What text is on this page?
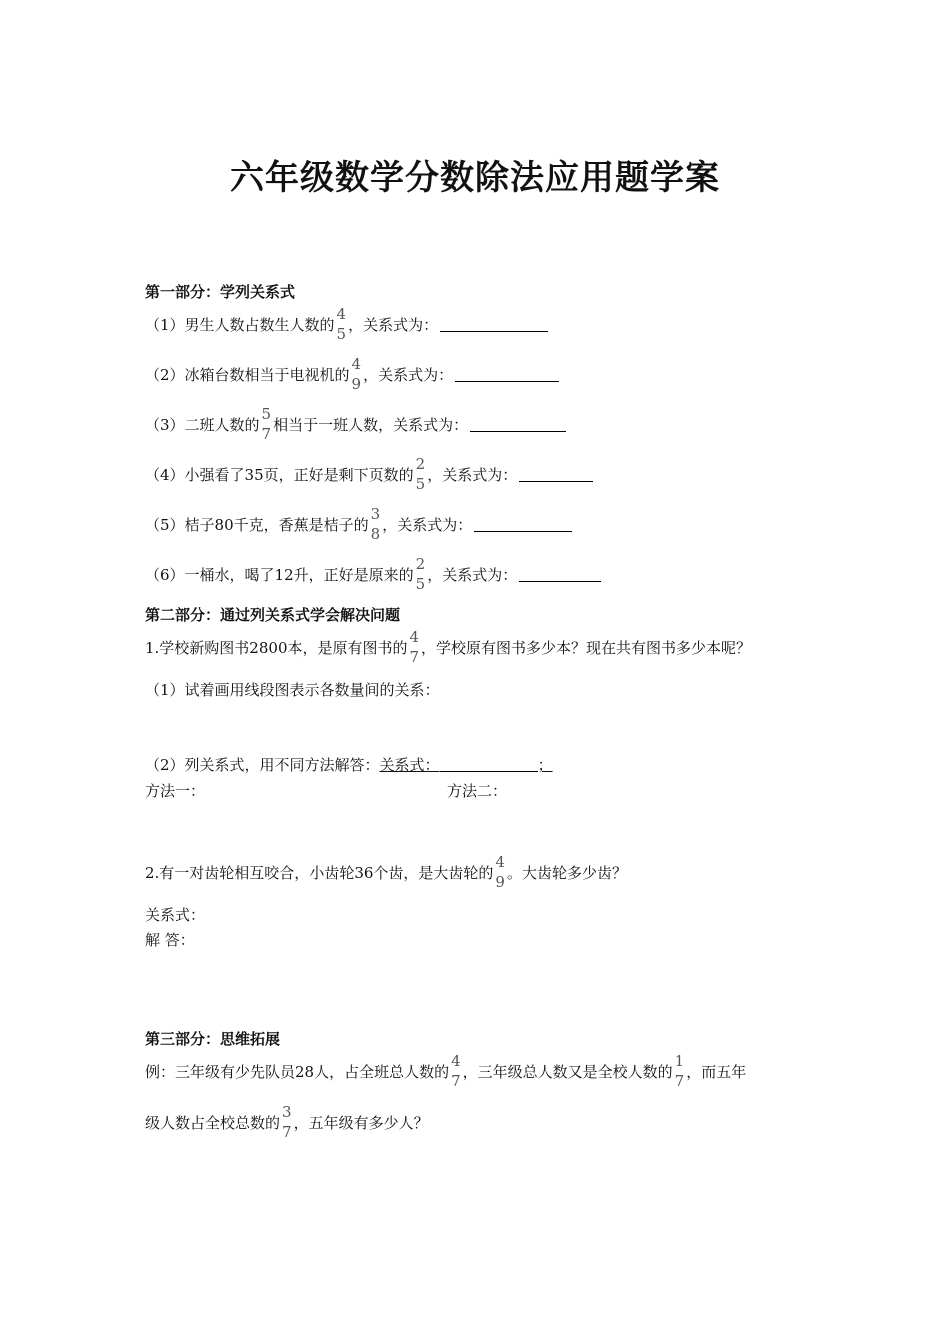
六年级数学分数除法应用题学案
第一部分：学列关系式
（1）男生人数占数生人数的
4
5 ，关系式为：
（2）冰箱台数相当于电视机的
4
9 ，关系式为：
（3）二班人数的
5
7 相当于一班人数，关系式为：
（4）小强看了35页，正好是剩下页数的
2
5 ，关系式为：
（5）桔子80千克，香蕉是桔子的
3
8 ，关系式为：
（6）一桶水，喝了12升，正好是原来的
2
5 ，关系式为：
第二部分：通过列关系式学会解决问题
1.学校新购图书2800本，是原有图书的
4
7 ，学校原有图书多少本？现在共有图书多少本呢？
（1）试着画用线段图表示各数量间的关系：
（2）列关系式，用不同方法解答： 关系式：	；
方法一：	方法二：
2.有一对齿轮相互咬合，小齿轮36个齿，是大齿轮的
4
9 。大齿轮多少齿？
关系式：
解 答：
第三部分：思维拓展
例：三年级有少先队员28人，占全班总人数的
4
7 ，三年级总人数又是全校人数的
1
7 ，而五年
级人数占全校总数的
3
7 ，五年级有多少人？
